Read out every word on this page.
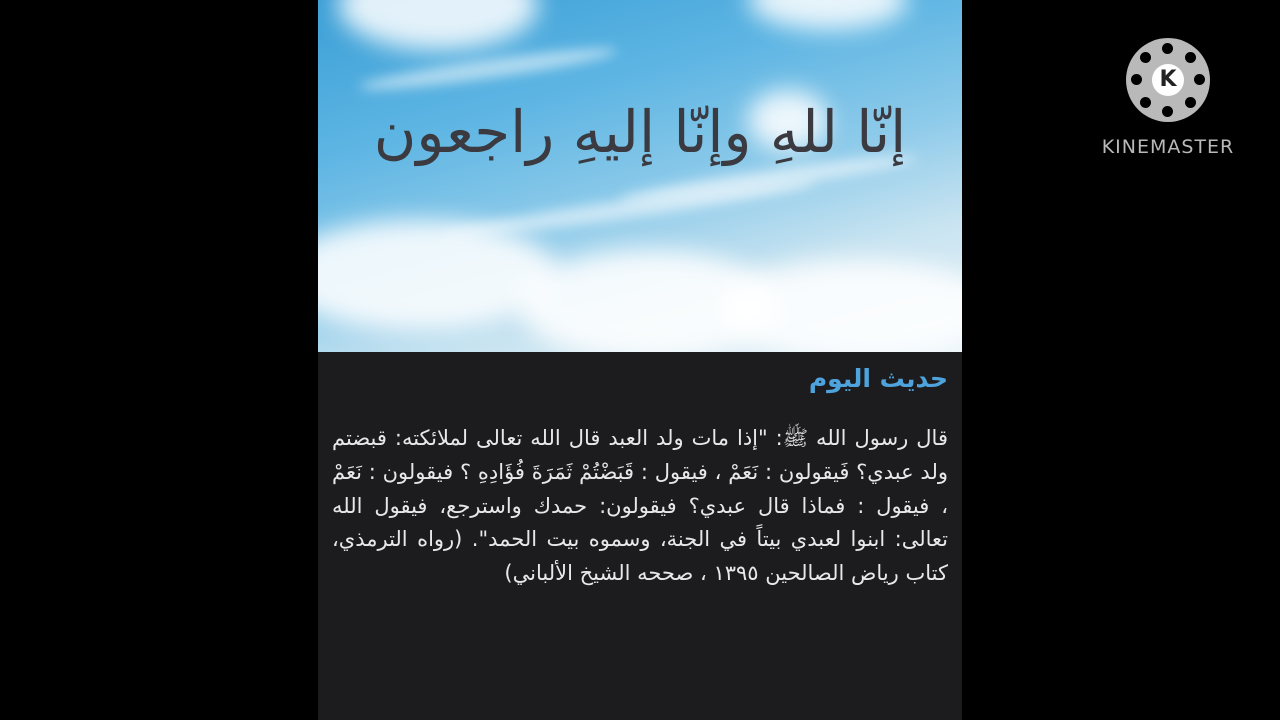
إنّا للهِ وإنّا إليهِ راجعون
حديث اليوم
قال رسول الله ﷺ: "إذا مات ولد العبد قال الله تعالى لملائكته: قبضتم ولد عبدي؟ فَيقولون : نَعَمْ ، فيقول : قَبَضْتُمْ ثَمَرَةَ فُؤَادِهِ ؟ فيقولون : نَعَمْ ، فيقول : فماذا قال عبدي؟ فيقولون: حمدك واسترجع، فيقول الله تعالى: ابنوا لعبدي بيتاً في الجنة، وسموه بيت الحمد". (رواه الترمذي، كتاب رياض الصالحين ١٣٩٥ ، صححه الشيخ الألباني)
K
KINEMASTER
